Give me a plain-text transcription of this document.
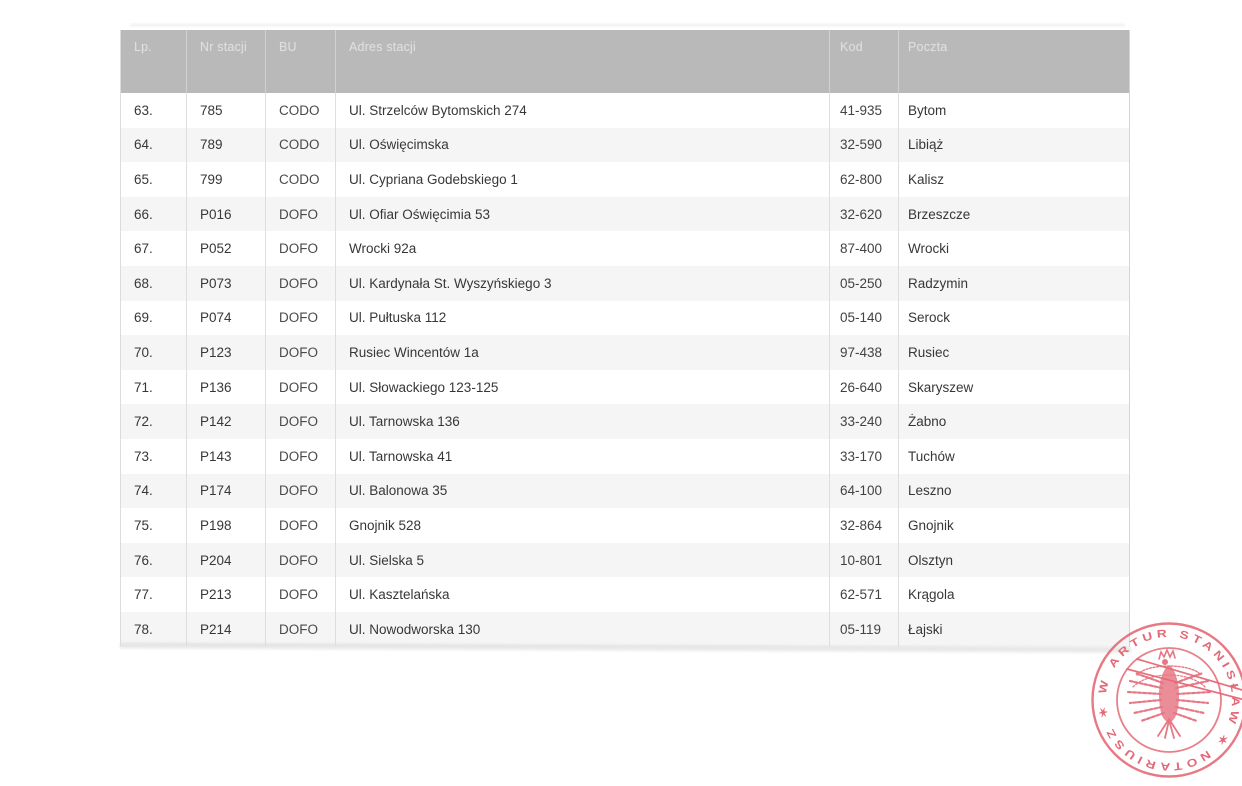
Lp.	Nr stacji	BU	Adres stacji	Kod	Poczta
63.	785	CODO	Ul. Strzelców Bytomskich 274	41-935	Bytom
64.	789	CODO	Ul. Oświęcimska	32-590	Libiąż
65.	799	CODO	Ul. Cypriana Godebskiego 1	62-800	Kalisz
66.	P016	DOFO	Ul. Ofiar Oświęcimia 53	32-620	Brzeszcze
67.	P052	DOFO	Wrocki 92a	87-400	Wrocki
68.	P073	DOFO	Ul. Kardynała St. Wyszyńskiego 3	05-250	Radzymin
69.	P074	DOFO	Ul. Pułtuska 112	05-140	Serock
70.	P123	DOFO	Rusiec Wincentów 1a	97-438	Rusiec
71.	P136	DOFO	Ul. Słowackiego 123-125	26-640	Skaryszew
72.	P142	DOFO	Ul. Tarnowska 136	33-240	Żabno
73.	P143	DOFO	Ul. Tarnowska 41	33-170	Tuchów
74.	P174	DOFO	Ul. Balonowa 35	64-100	Leszno
75.	P198	DOFO	Gnojnik 528	32-864	Gnojnik
76.	P204	DOFO	Ul. Sielska 5	10-801	Olsztyn
77.	P213	DOFO	Ul. Kasztelańska	62-571	Krągola
78.	P214	DOFO	Ul. Nowodworska 130	05-119	Łajski
ARTUR STANISŁAW ✶ NOTARIUSZ ✶ W
